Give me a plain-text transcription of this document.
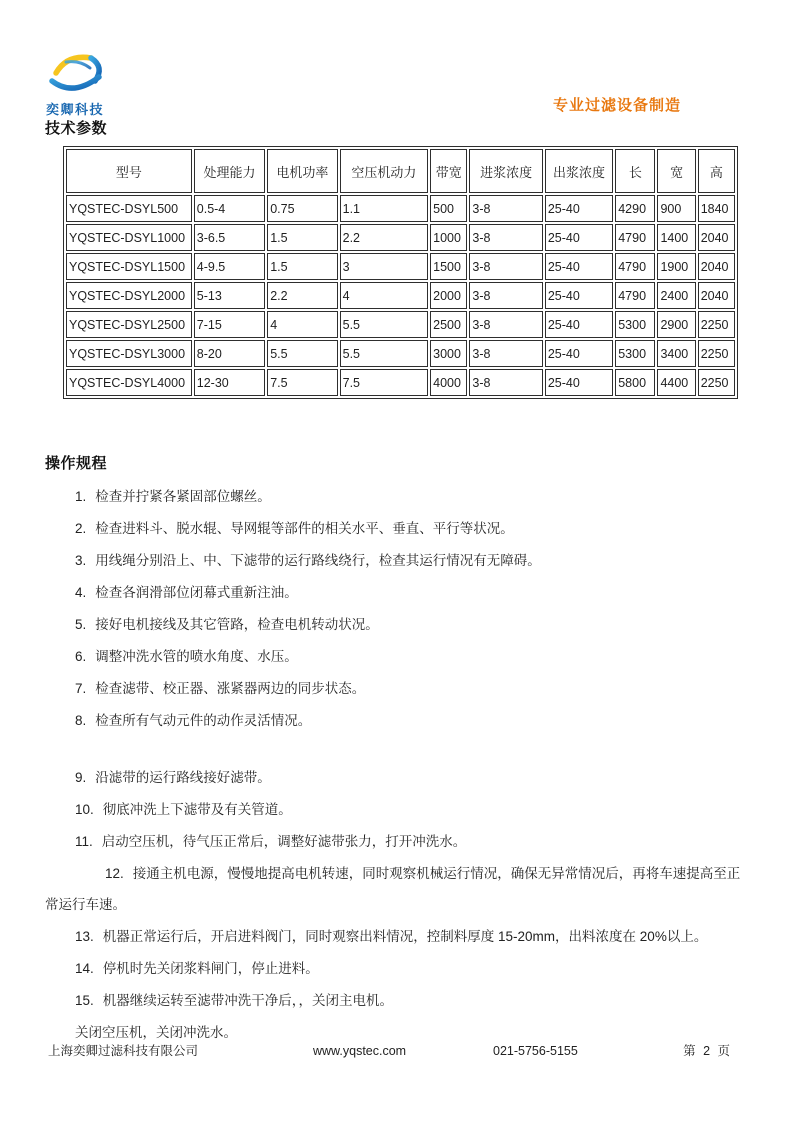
奕卿科技	专业过滤设备制造
技术参数
型号	处理能力	电机功率	空压机动力	带宽	进浆浓度	出浆浓度	长	宽	高
YQSTEC-DSYL500	0.5-4	0.75	1.1	500	3-8	25-40	4290	900	1840
YQSTEC-DSYL1000	3-6.5	1.5	2.2	1000	3-8	25-40	4790	1400	2040
YQSTEC-DSYL1500	4-9.5	1.5	3	1500	3-8	25-40	4790	1900	2040
YQSTEC-DSYL2000	5-13	2.2	4	2000	3-8	25-40	4790	2400	2040
YQSTEC-DSYL2500	7-15	4	5.5	2500	3-8	25-40	5300	2900	2250
YQSTEC-DSYL3000	8-20	5.5	5.5	3000	3-8	25-40	5300	3400	2250
YQSTEC-DSYL4000	12-30	7.5	7.5	4000	3-8	25-40	5800	4400	2250
操作规程

1. 检查并拧紧各紧固部位螺丝。

2. 检查进料斗、脱水辊、导网辊等部件的相关水平、垂直、平行等状况。

3. 用线绳分别沿上、中、下滤带的运行路线绕行，检查其运行情况有无障碍。

4. 检查各润滑部位闭幕式重新注油。

5. 接好电机接线及其它管路，检查电机转动状况。

6. 调整冲洗水管的喷水角度、水压。

7. 检查滤带、校正器、涨紧器两边的同步状态。

8. 检查所有气动元件的动作灵活情况。

9. 沿滤带的运行路线接好滤带。

10. 彻底冲洗上下滤带及有关管道。

11. 启动空压机，待气压正常后，调整好滤带张力，打开冲洗水。

12. 接通主机电源，慢慢地提高电机转速，同时观察机械运行情况，确保无异常情况后，再将车速提高至正常运行车速。

13. 机器正常运行后，开启进料阀门，同时观察出料情况，控制料厚度 15-20mm，出料浓度在 20%以上。

14. 停机时先关闭浆料闸门，停止进料。

15. 机器继续运转至滤带冲洗干净后，，关闭主电机。

关闭空压机，关闭冲洗水。

上海奕卿过滤科技有限公司	www.yqstec.com	021-5756-5155	第 2 页
